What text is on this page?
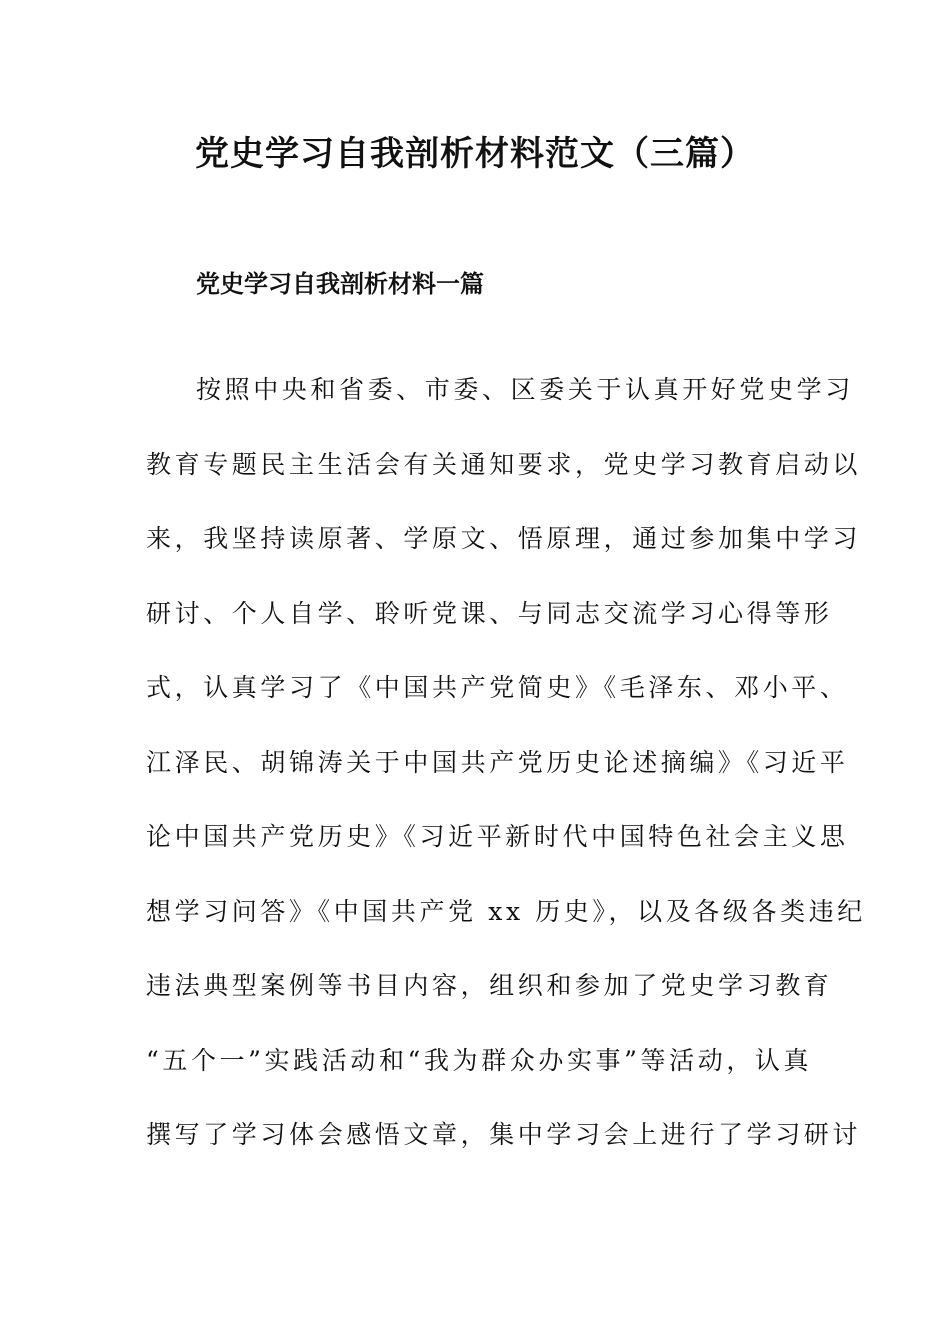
党史学习自我剖析材料范文（三篇）
党史学习自我剖析材料一篇
按照中央和省委、市委、区委关于认真开好党史学习
教育专题民主生活会有关通知要求，党史学习教育启动以
来，我坚持读原著、学原文、悟原理，通过参加集中学习
研讨、个人自学、聆听党课、与同志交流学习心得等形
式，认真学习了《中国共产党简史》《毛泽东、邓小平、
江泽民、胡锦涛关于中国共产党历史论述摘编》《习近平
论中国共产党历史》《习近平新时代中国特色社会主义思
想学习问答》《中国共产党 xx 历史》，以及各级各类违纪
违法典型案例等书目内容，组织和参加了党史学习教育
“五个一”实践活动和“我为群众办实事”等活动，认真
撰写了学习体会感悟文章，集中学习会上进行了学习研讨
